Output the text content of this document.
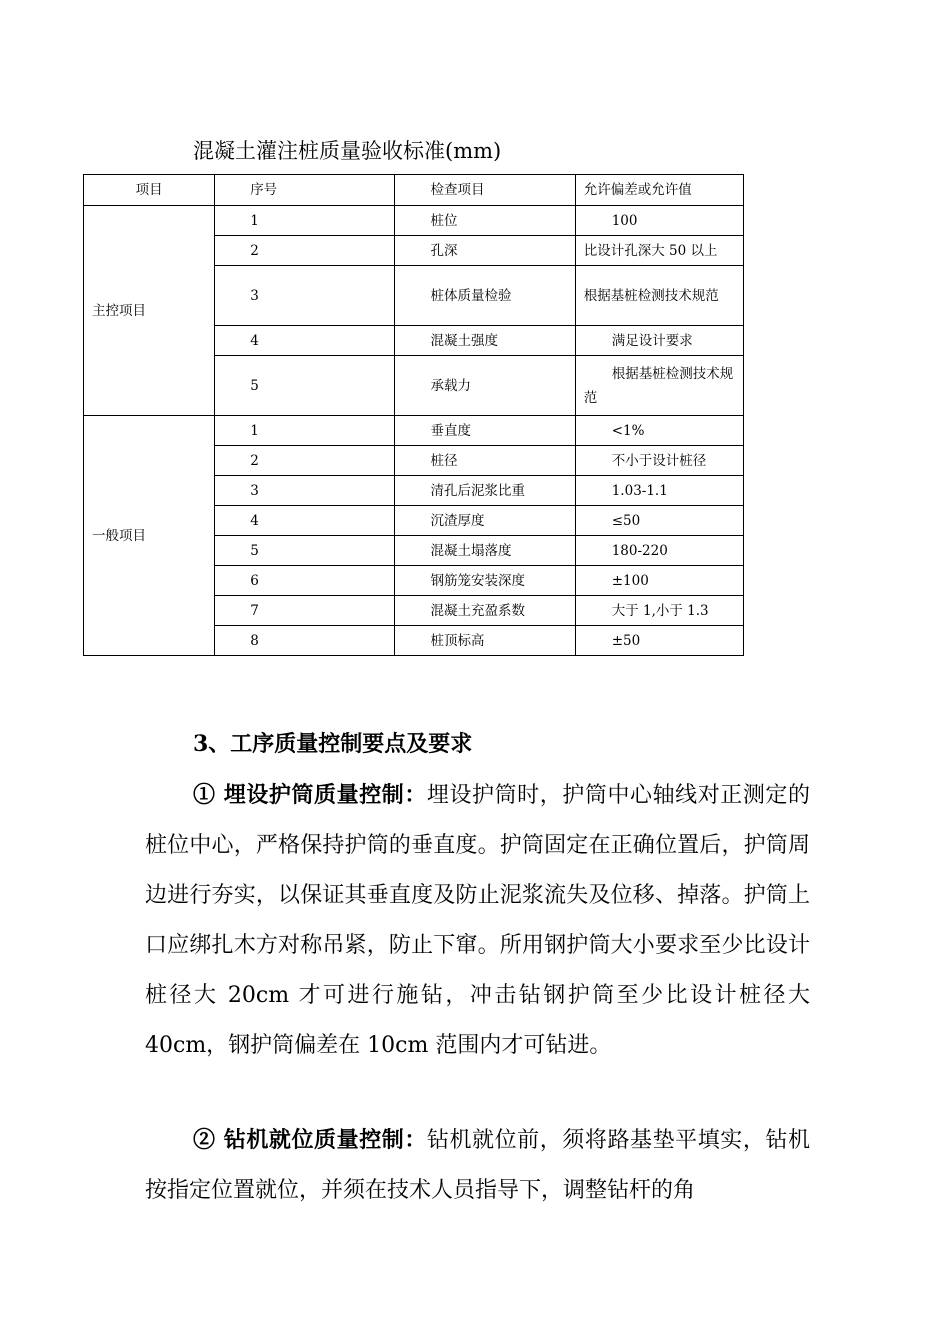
混凝土灌注桩质量验收标准(mm)
项目	序号	检查项目	允许偏差或允许值
主控项目	1	桩位	100
	2	孔深	比设计孔深大 50 以上
	3	桩体质量检验	根据基桩检测技术规范
	4	混凝土强度	满足设计要求
	5	承载力	根据基桩检测技术规范
一般项目	1	垂直度	<1%
	2	桩径	不小于设计桩径
	3	清孔后泥浆比重	1.03-1.1
	4	沉渣厚度	≤50
	5	混凝土塌落度	180-220
	6	钢筋笼安装深度	±100
	7	混凝土充盈系数	大于 1,小于 1.3
	8	桩顶标高	±50
3、工序质量控制要点及要求
① 埋设护筒质量控制：埋设护筒时，护筒中心轴线对正测定的桩位中心，严格保持护筒的垂直度。护筒固定在正确位置后，护筒周边进行夯实，以保证其垂直度及防止泥浆流失及位移、掉落。护筒上口应绑扎木方对称吊紧，防止下窜。所用钢护筒大小要求至少比设计桩径大 20cm 才可进行施钻，冲击钻钢护筒至少比设计桩径大 40cm，钢护筒偏差在 10cm 范围内才可钻进。
② 钻机就位质量控制：钻机就位前，须将路基垫平填实，钻机按指定位置就位，并须在技术人员指导下，调整钻杆的角
